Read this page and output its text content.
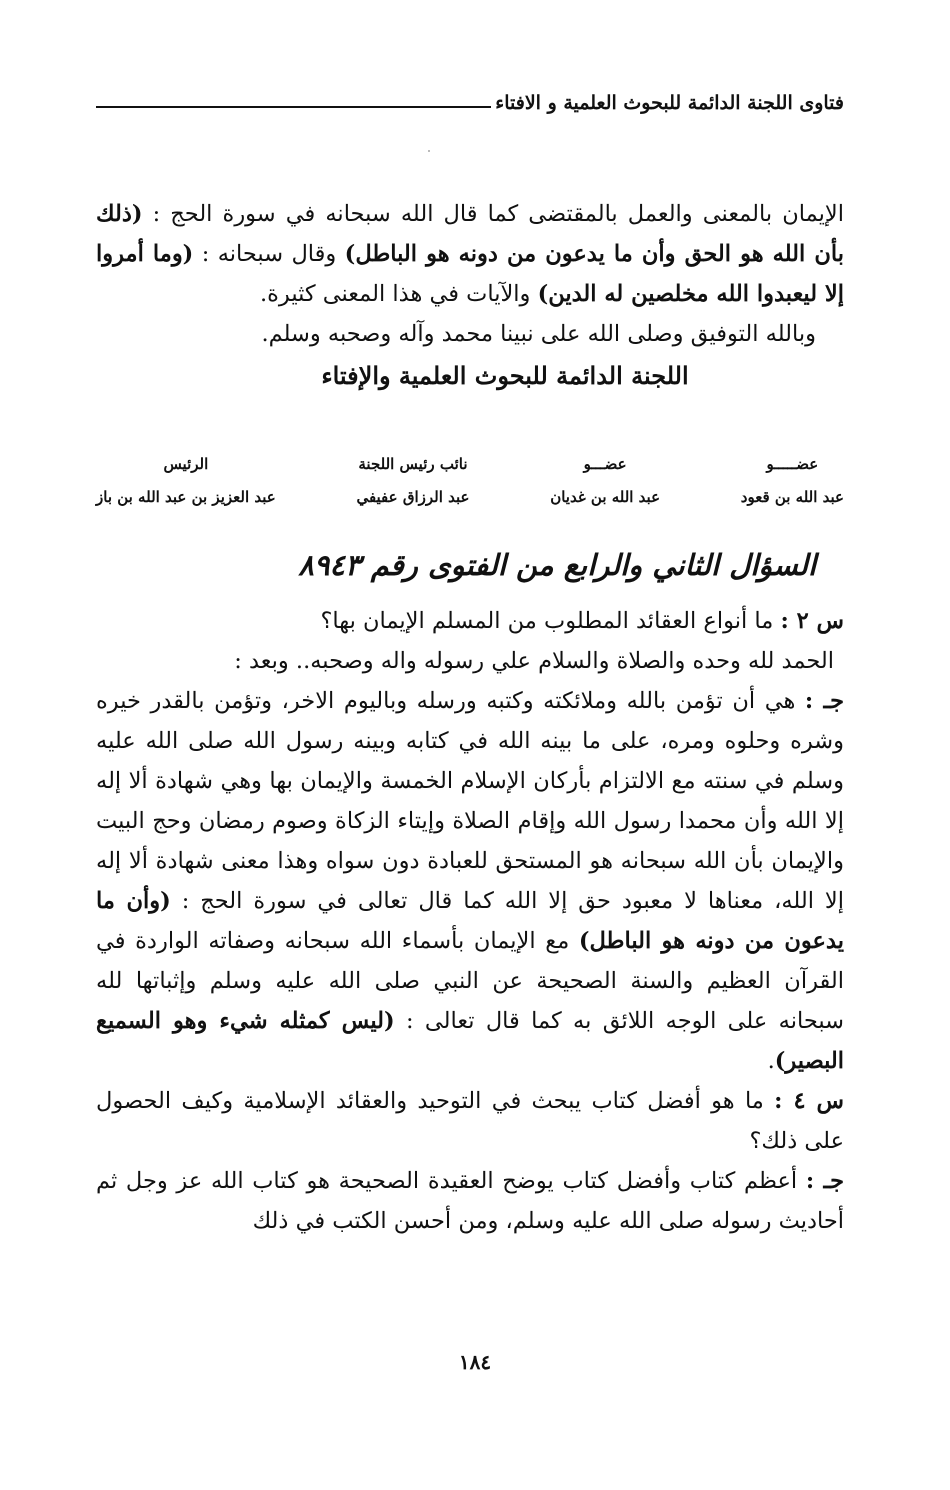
فتاوى اللجنة الدائمة للبحوث العلمية و الافتاء

الإيمان بالمعنى والعمل بالمقتضى كما قال الله سبحانه في سورة الحج : (ذلك بأن الله هو الحق وأن ما يدعون من دونه هو الباطل) وقال سبحانه : (وما أمروا إلا ليعبدوا الله مخلصين له الدين) والآيات في هذا المعنى كثيرة.

وبالله التوفيق وصلى الله على نبينا محمد وآله وصحبه وسلم.

اللجنة الدائمة للبحوث العلمية والإفتاء

عضـــــو
عبد الله بن قعود
عضـــو
عبد الله بن غديان
نائب رئيس اللجنة
عبد الرزاق عفيفي
الرئيس
عبد العزيز بن عبد الله بن باز
السؤال الثاني والرابع من الفتوى رقم ٨٩٤٣

س ٢ : ما أنواع العقائد المطلوب من المسلم الإيمان بها؟

الحمد لله وحده والصلاة والسلام علي رسوله واله وصحبه.. وبعد :

جـ : هي أن تؤمن بالله وملائكته وكتبه ورسله وباليوم الاخر، وتؤمن بالقدر خيره وشره وحلوه ومره، على ما بينه الله في كتابه وبينه رسول الله صلى الله عليه وسلم في سنته مع الالتزام بأركان الإسلام الخمسة والإيمان بها وهي شهادة ألا إله إلا الله وأن محمدا رسول الله وإقام الصلاة وإيتاء الزكاة وصوم رمضان وحج البيت والإيمان بأن الله سبحانه هو المستحق للعبادة دون سواه وهذا معنى شهادة ألا إله إلا الله، معناها لا معبود حق إلا الله كما قال تعالى في سورة الحج : (وأن ما يدعون من دونه هو الباطل) مع الإيمان بأسماء الله سبحانه وصفاته الواردة في القرآن العظيم والسنة الصحيحة عن النبي صلى الله عليه وسلم وإثباتها لله سبحانه على الوجه اللائق به كما قال تعالى : (ليس كمثله شيء وهو السميع البصير).

س ٤ : ما هو أفضل كتاب يبحث في التوحيد والعقائد الإسلامية وكيف الحصول على ذلك؟

جـ : أعظم كتاب وأفضل كتاب يوضح العقيدة الصحيحة هو كتاب الله عز وجل ثم أحاديث رسوله صلى الله عليه وسلم، ومن أحسن الكتب في ذلك

١٨٤
